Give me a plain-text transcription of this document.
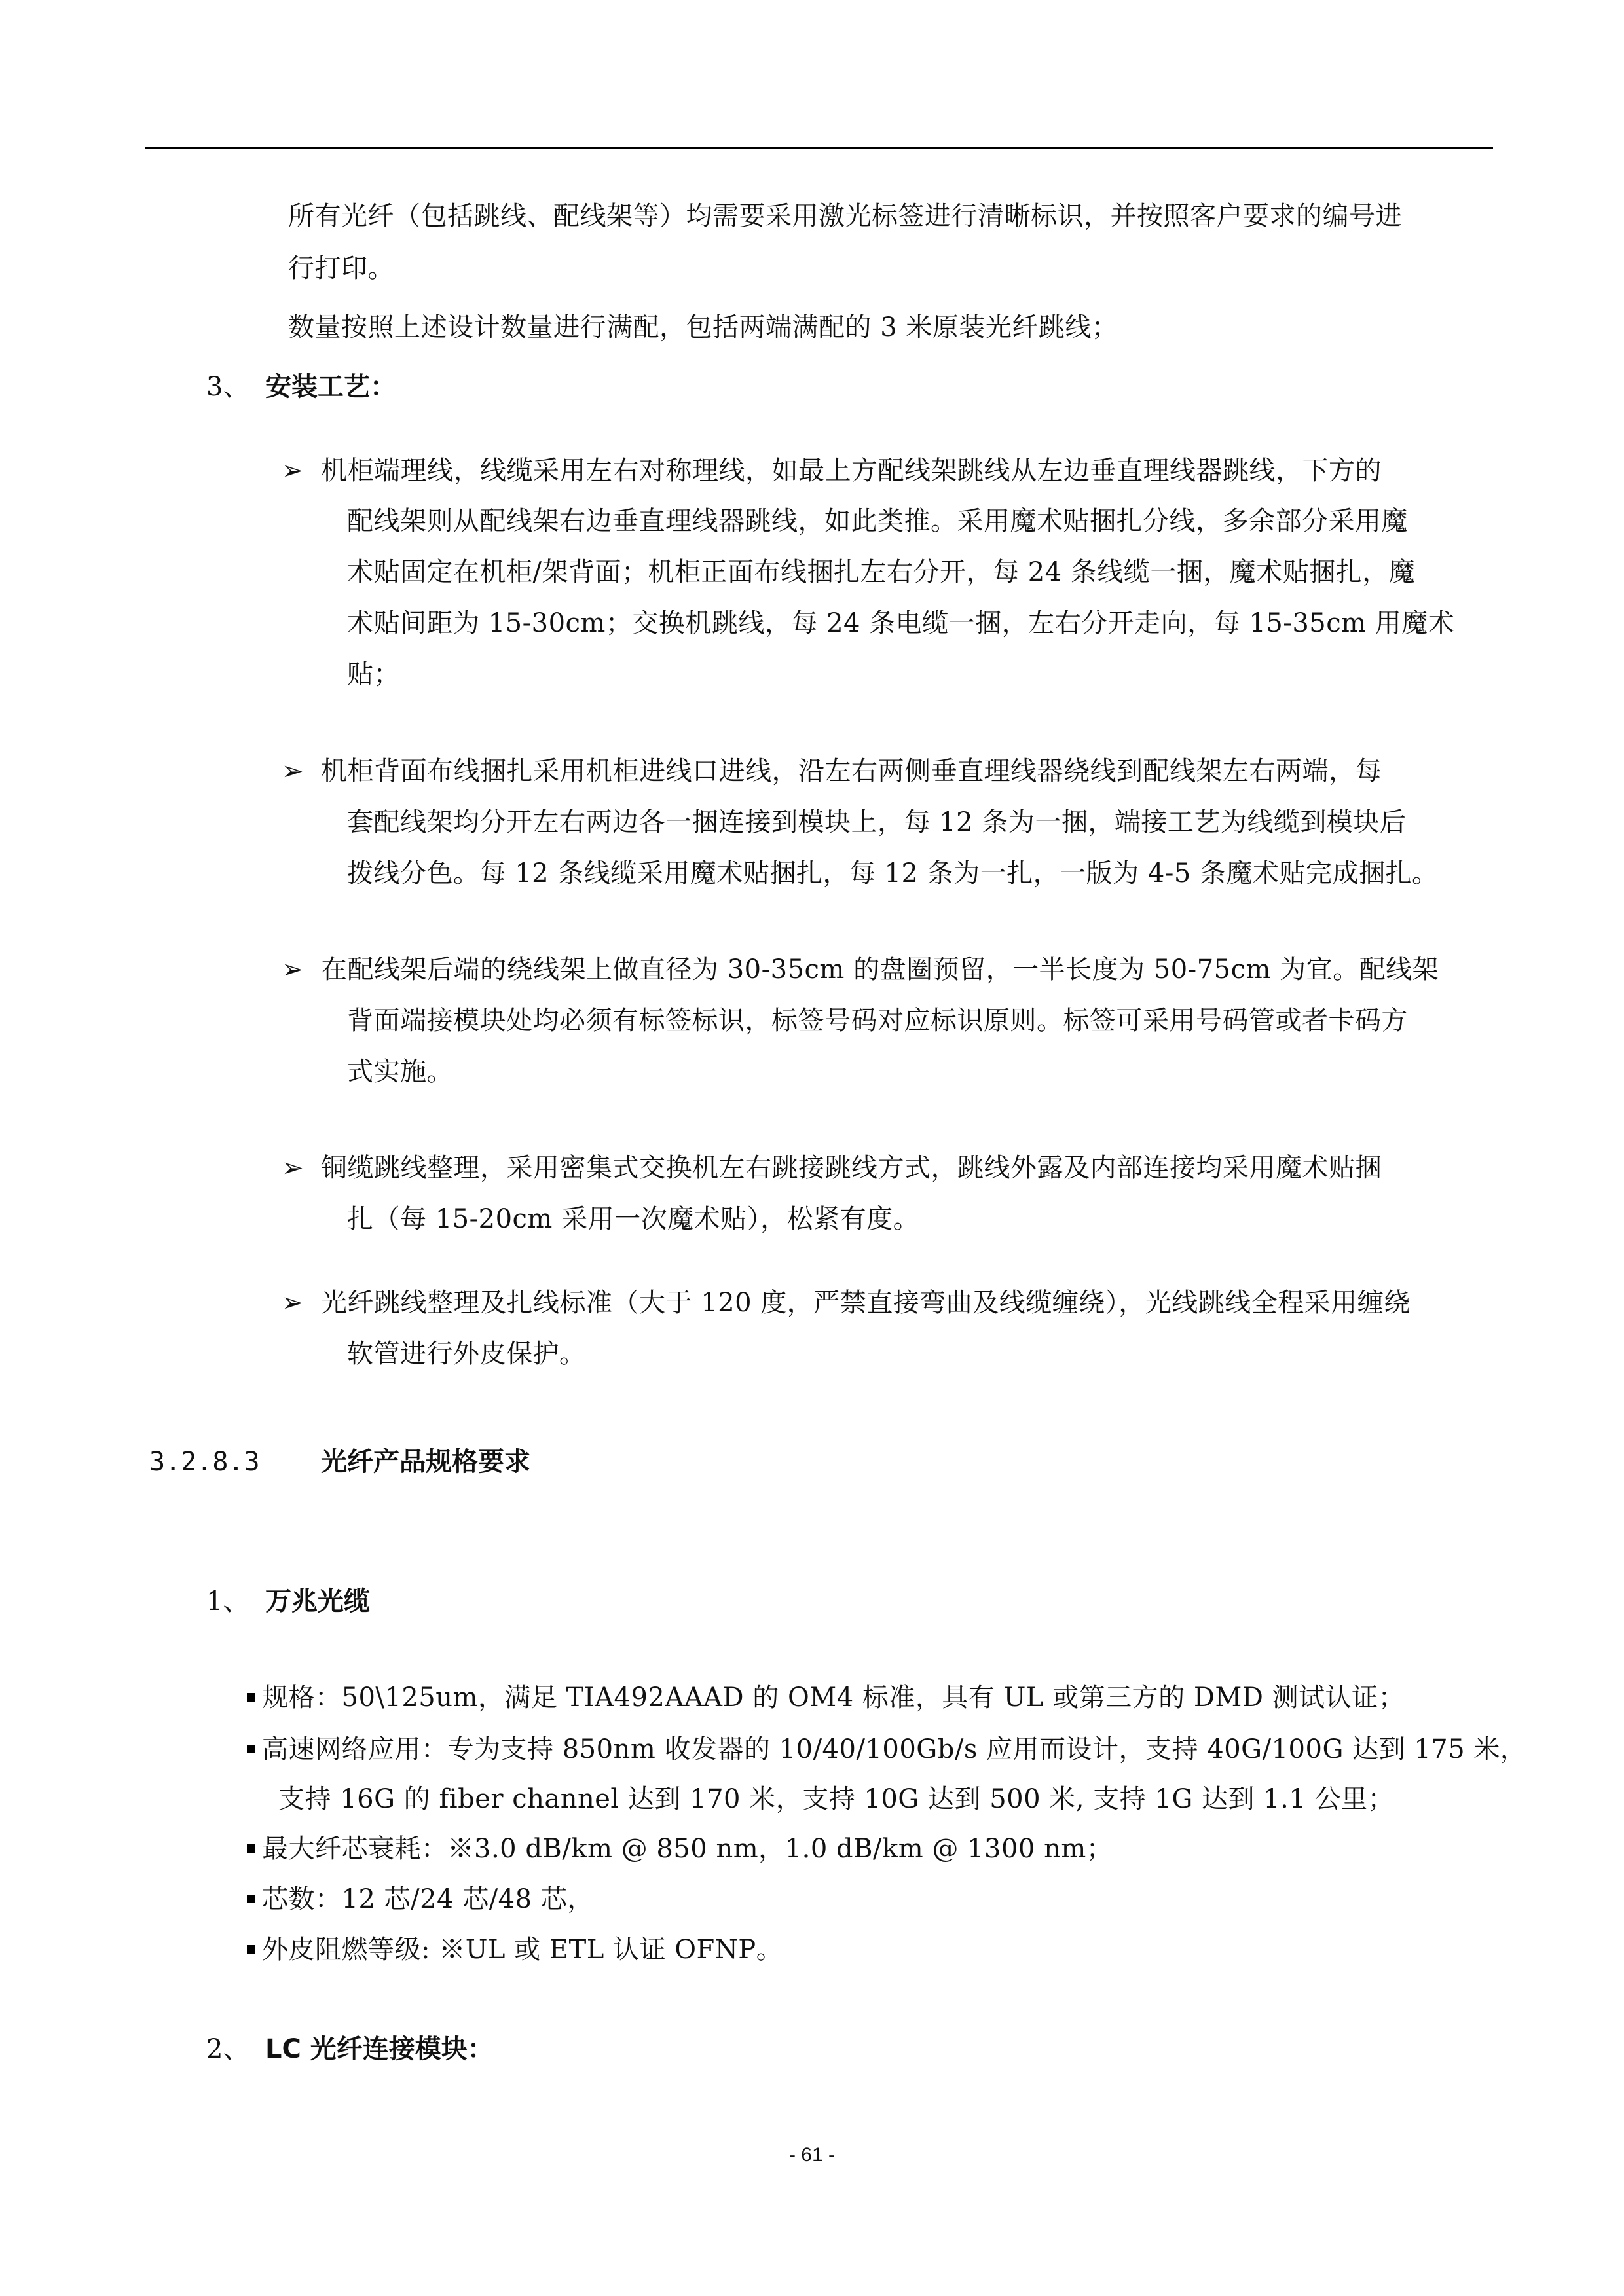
所有光纤（包括跳线、配线架等）均需要采用激光标签进行清晰标识，并按照客户要求的编号进
行打印。
数量按照上述设计数量进行满配，包括两端满配的 3 米原装光纤跳线；
3、 安装工艺：
➢ 机柜端理线，线缆采用左右对称理线，如最上方配线架跳线从左边垂直理线器跳线，下方的
配线架则从配线架右边垂直理线器跳线，如此类推。采用魔术贴捆扎分线，多余部分采用魔
术贴固定在机柜/架背面；机柜正面布线捆扎左右分开，每 24 条线缆一捆，魔术贴捆扎，魔
术贴间距为 15-30cm；交换机跳线，每 24 条电缆一捆，左右分开走向，每 15-35cm 用魔术
贴；
➢ 机柜背面布线捆扎采用机柜进线口进线，沿左右两侧垂直理线器绕线到配线架左右两端，每
套配线架均分开左右两边各一捆连接到模块上，每 12 条为一捆，端接工艺为线缆到模块后
拨线分色。每 12 条线缆采用魔术贴捆扎，每 12 条为一扎，一版为 4-5 条魔术贴完成捆扎。
➢ 在配线架后端的绕线架上做直径为 30-35cm 的盘圈预留，一半长度为 50-75cm 为宜。配线架
背面端接模块处均必须有标签标识，标签号码对应标识原则。标签可采用号码管或者卡码方
式实施。
➢ 铜缆跳线整理，采用密集式交换机左右跳接跳线方式，跳线外露及内部连接均采用魔术贴捆
扎（每 15-20cm 采用一次魔术贴），松紧有度。
➢ 光纤跳线整理及扎线标准（大于 120 度，严禁直接弯曲及线缆缠绕），光线跳线全程采用缠绕
软管进行外皮保护。
3.2.8.3 光纤产品规格要求
1、 万兆光缆
规格：50\125um，满足 TIA492AAAD 的 OM4 标准，具有 UL 或第三方的 DMD 测试认证；
高速网络应用：专为支持 850nm 收发器的 10/40/100Gb/s 应用而设计，支持 40G/100G 达到 175 米，
支持 16G 的 fiber channel 达到 170 米，支持 10G 达到 500 米, 支持 1G 达到 1.1 公里；
最大纤芯衰耗：※3.0 dB/km @ 850 nm，1.0 dB/km @ 1300 nm；
芯数：12 芯/24 芯/48 芯，
外皮阻燃等级: ※UL 或 ETL 认证 OFNP。
2、 LC 光纤连接模块：
- 61 -
